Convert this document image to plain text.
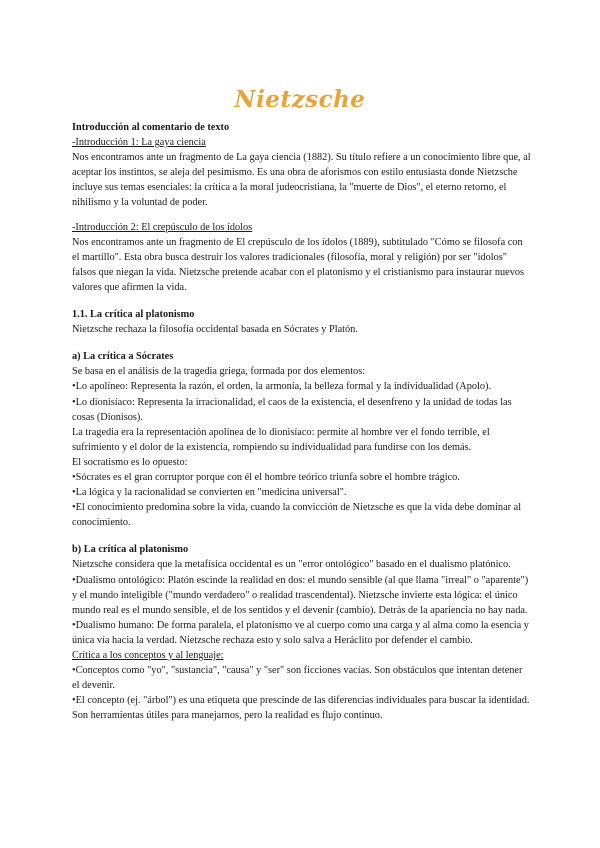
Nietzsche

Introducción al comentario de texto

-Introducción 1: La gaya ciencia

Nos encontramos ante un fragmento de La gaya ciencia (1882). Su título refiere a un conocimiento libre que, al aceptar los instintos, se aleja del pesimismo. Es una obra de aforismos con estilo entusiasta donde Nietzsche incluye sus temas esenciales: la crítica a la moral judeocristiana, la "muerte de Dios", el eterno retorno, el nihilismo y la voluntad de poder.

-Introducción 2: El crepúsculo de los ídolos

Nos encontramos ante un fragmento de El crepúsculo de los ídolos (1889), subtitulado "Cómo se filosofa con el martillo". Esta obra busca destruir los valores tradicionales (filosofía, moral y religión) por ser "ídolos" falsos que niegan la vida. Nietzsche pretende acabar con el platonismo y el cristianismo para instaurar nuevos valores que afirmen la vida.

1.1. La crítica al platonismo

Nietzsche rechaza la filosofía occidental basada en Sócrates y Platón.

a) La crítica a Sócrates

Se basa en el análisis de la tragedia griega, formada por dos elementos:

•Lo apolíneo: Representa la razón, el orden, la armonía, la belleza formal y la individualidad (Apolo).

•Lo dionisíaco: Representa la irracionalidad, el caos de la existencia, el desenfreno y la unidad de todas las cosas (Dionisos).

La tragedia era la representación apolínea de lo dionisíaco: permite al hombre ver el fondo terrible, el sufrimiento y el dolor de la existencia, rompiendo su individualidad para fundirse con los demás.

El socratismo es lo opuesto:

•Sócrates es el gran corruptor porque con él el hombre teórico triunfa sobre el hombre trágico.

•La lógica y la racionalidad se convierten en "medicina universal".

•El conocimiento predomina sobre la vida, cuando la convicción de Nietzsche es que la vida debe dominar al conocimiento.

b) La crítica al platonismo

Nietzsche considera que la metafísica occidental es un "error ontológico" basado en el dualismo platónico.

•Dualismo ontológico: Platón escinde la realidad en dos: el mundo sensible (al que llama "irreal" o "aparente") y el mundo inteligible ("mundo verdadero" o realidad trascendental). Nietzsche invierte esta lógica: el único mundo real es el mundo sensible, el de los sentidos y el devenir (cambio). Detrás de la apariencia no hay nada.

•Dualismo humano: De forma paralela, el platonismo ve al cuerpo como una carga y al alma como la esencia y única vía hacia la verdad. Nietzsche rechaza esto y solo salva a Heráclito por defender el cambio.

Crítica a los conceptos y al lenguaje:

•Conceptos como "yo", "sustancia", "causa" y "ser" son ficciones vacías. Son obstáculos que intentan detener el devenir.

•El concepto (ej. "árbol") es una etiqueta que prescinde de las diferencias individuales para buscar la identidad. Son herramientas útiles para manejarnos, pero la realidad es flujo continuo.
